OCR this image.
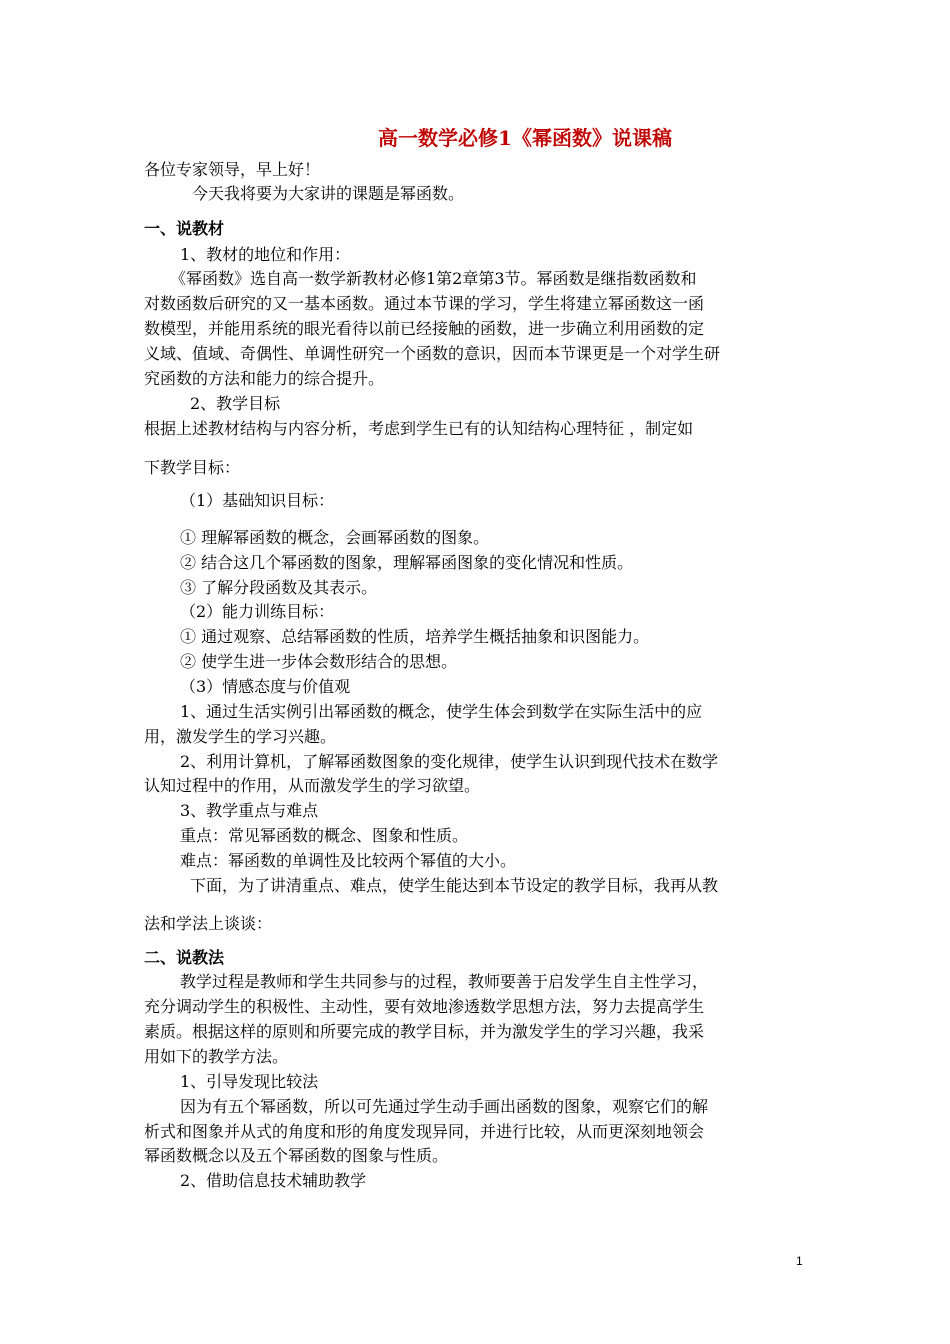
高一数学必修1《幂函数》说课稿
各位专家领导，早上好！
今天我将要为大家讲的课题是幂函数。
一、说教材
1、教材的地位和作用：
《幂函数》选自高一数学新教材必修1第2章第3节。幂函数是继指数函数和
对数函数后研究的又一基本函数。通过本节课的学习，学生将建立幂函数这一函
数模型，并能用系统的眼光看待以前已经接触的函数，进一步确立利用函数的定
义域、值域、奇偶性、单调性研究一个函数的意识，因而本节课更是一个对学生研
究函数的方法和能力的综合提升。
2、教学目标
根据上述教材结构与内容分析，考虑到学生已有的认知结构心理特征 ，制定如
下教学目标：
（1）基础知识目标：
① 理解幂函数的概念，会画幂函数的图象。
② 结合这几个幂函数的图象，理解幂函图象的变化情况和性质。
③ 了解分段函数及其表示。
（2）能力训练目标：
① 通过观察、总结幂函数的性质，培养学生概括抽象和识图能力。
② 使学生进一步体会数形结合的思想。
（3）情感态度与价值观
1、通过生活实例引出幂函数的概念，使学生体会到数学在实际生活中的应
用，激发学生的学习兴趣。
2、利用计算机，了解幂函数图象的变化规律，使学生认识到现代技术在数学
认知过程中的作用，从而激发学生的学习欲望。
3、教学重点与难点
重点：常见幂函数的概念、图象和性质。
难点：幂函数的单调性及比较两个幂值的大小。
下面，为了讲清重点、难点，使学生能达到本节设定的教学目标，我再从教
法和学法上谈谈：
二、说教法
教学过程是教师和学生共同参与的过程，教师要善于启发学生自主性学习，
充分调动学生的积极性、主动性，要有效地渗透数学思想方法，努力去提高学生
素质。根据这样的原则和所要完成的教学目标，并为激发学生的学习兴趣，我采
用如下的教学方法。
1、引导发现比较法
因为有五个幂函数，所以可先通过学生动手画出函数的图象，观察它们的解
析式和图象并从式的角度和形的角度发现异同，并进行比较，从而更深刻地领会
幂函数概念以及五个幂函数的图象与性质。
2、借助信息技术辅助教学
1
